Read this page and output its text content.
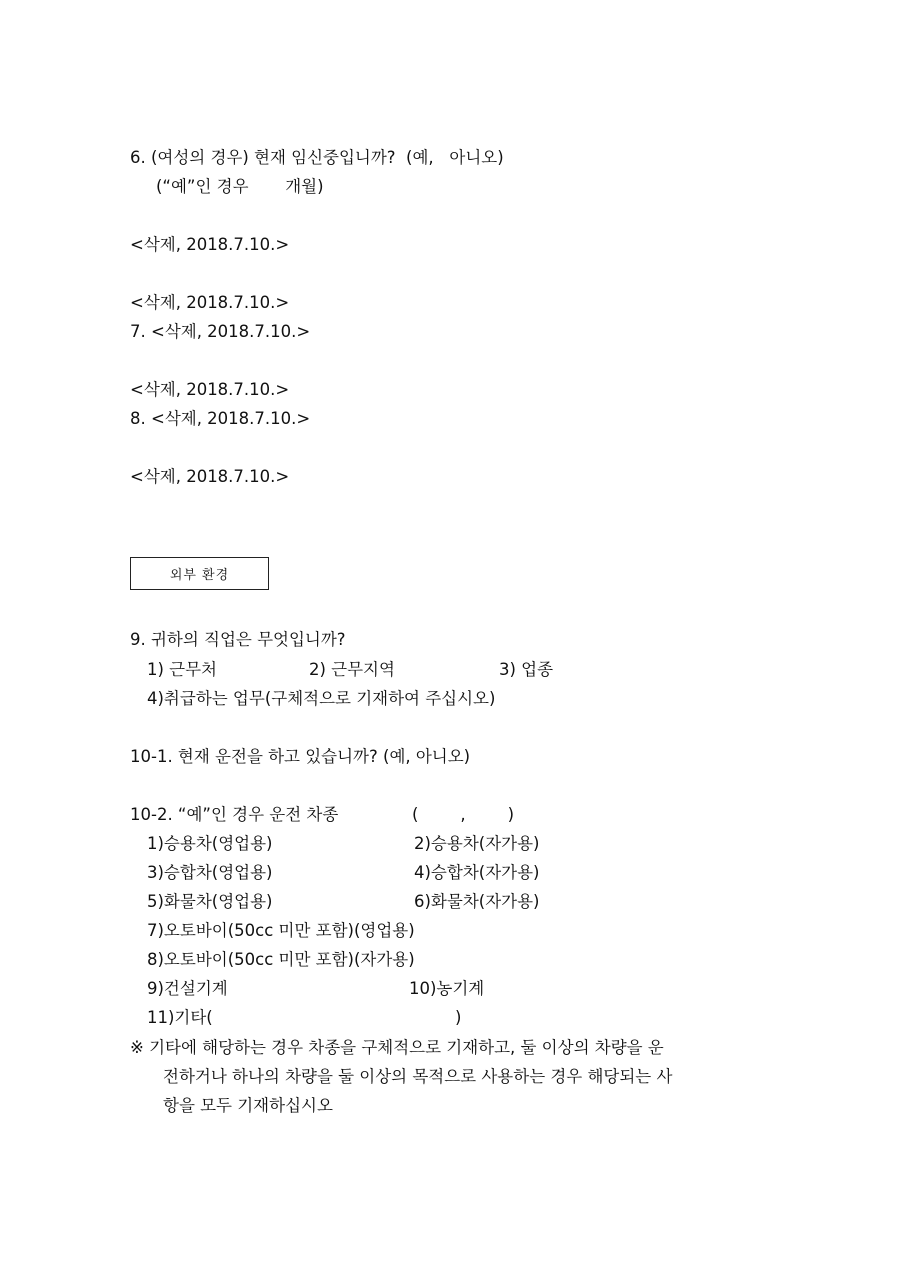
6. (여성의 경우) 현재 임신중입니까?  (예,   아니오)
(“예”인 경우       개월)
<삭제, 2018.7.10.>
<삭제, 2018.7.10.>
7. <삭제, 2018.7.10.>
<삭제, 2018.7.10.>
8. <삭제, 2018.7.10.>
<삭제, 2018.7.10.>
외부 환경
9. 귀하의 직업은 무엇입니까?
1) 근무처	2) 근무지역	3) 업종
4)취급하는 업무(구체적으로 기재하여 주십시오)
10-1. 현재 운전을 하고 있습니까? (예, 아니오)
10-2. “예”인 경우 운전 차종	(        ,        )
1)승용차(영업용)	2)승용차(자가용)
3)승합차(영업용)	4)승합차(자가용)
5)화물차(영업용)	6)화물차(자가용)
7)오토바이(50cc 미만 포함)(영업용)
8)오토바이(50cc 미만 포함)(자가용)
9)건설기계	10)농기계
11)기타(	)
※ 기타에 해당하는 경우 차종을 구체적으로 기재하고, 둘 이상의 차량을 운
전하거나 하나의 차량을 둘 이상의 목적으로 사용하는 경우 해당되는 사
항을 모두 기재하십시오
